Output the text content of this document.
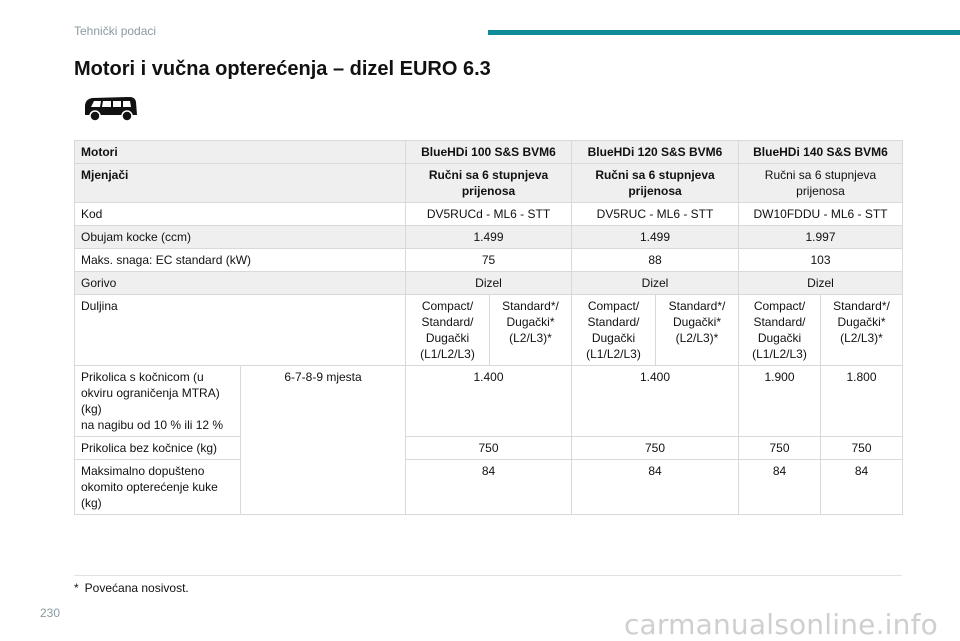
Tehnički podaci
Motori i vučna opterećenja – dizel EURO 6.3
Motori		BlueHDi 100 S&S BVM6		BlueHDi 120 S&S BVM6		BlueHDi 140 S&S BVM6	
Mjenjači		Ručni sa 6 stupnjeva prijenosa		Ručni sa 6 stupnjeva prijenosa		Ručni sa 6 stupnjeva prijenosa	
Kod		DV5RUCd - ML6 - STT		DV5RUC - ML6 - STT		DW10FDDU - ML6 - STT	
Obujam kocke (ccm)		1.499		1.499		1.997	
Maks. snaga: EC standard (kW)		75		88		103	
Gorivo		Dizel		Dizel		Dizel	
Duljina		Compact/ Standard/ Dugački (L1/L2/L3)	Standard*/ Dugački* (L2/L3)*	Compact/ Standard/ Dugački (L1/L2/L3)	Standard*/ Dugački* (L2/L3)*	Compact/ Standard/ Dugački (L1/L2/L3)	Standard*/ Dugački* (L2/L3)*
Prikolica s kočnicom (u okviru ograničenja MTRA) (kg)
na nagibu od 10 % ili 12 %	6-7-8-9 mjesta	1.400		1.400		1.900	1.800
Prikolica bez kočnice (kg)		750		750		750	750
Maksimalno dopušteno okomito opterećenje kuke (kg)		84		84		84	84
* Povećana nosivost.
230	carmanualsonline.info
